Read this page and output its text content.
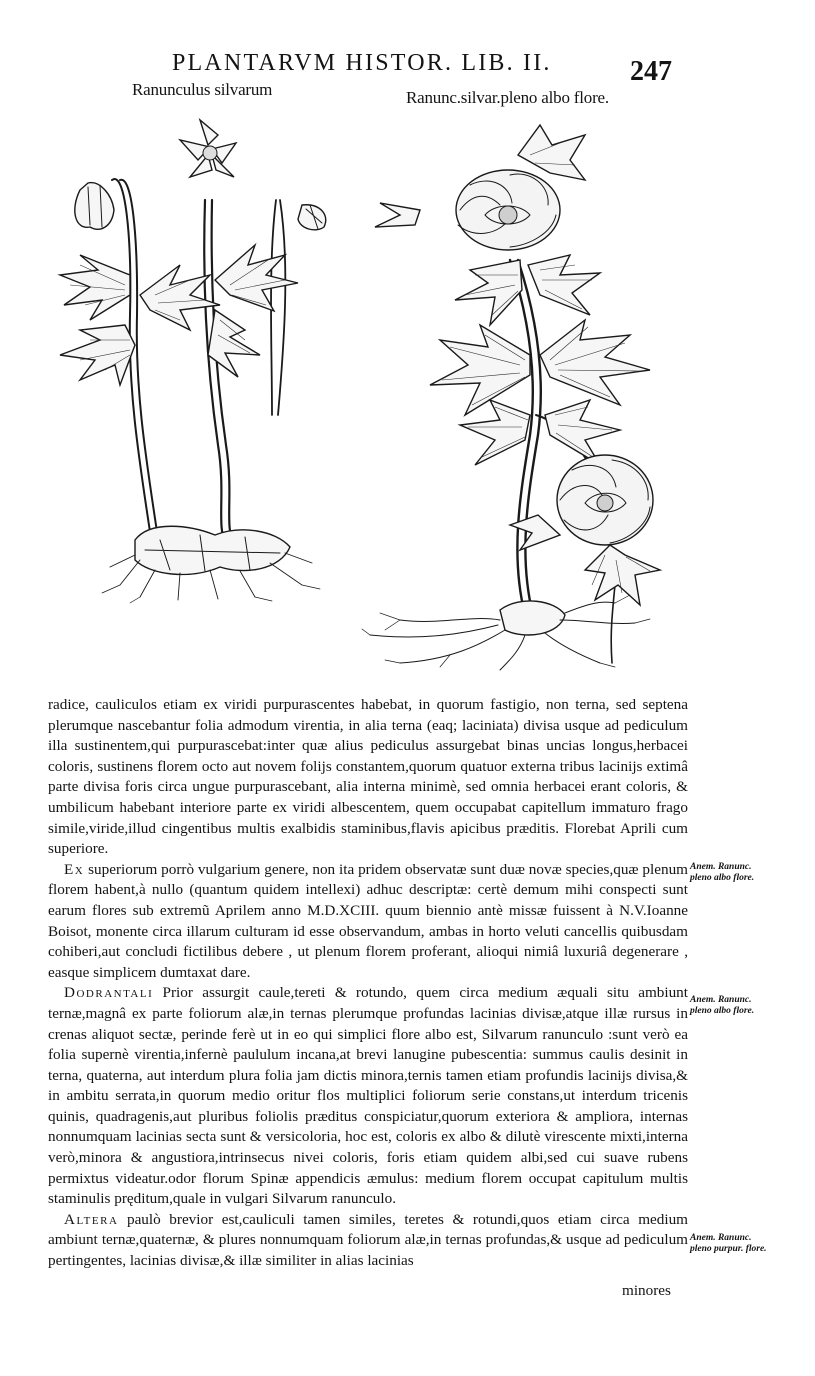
PLANTARVM HISTOR. LIB. II.	247
Ranunculus silvarum	Ranunc.silvar.pleno albo flore.

radice, cauliculos etiam ex viridi purpurascentes habebat, in quorum fastigio, non terna, sed septena plerumque nascebantur folia admodum virentia, in alia terna (eaq; laciniata) divisa usque ad pediculum illa sustinentem,qui purpurascebat:inter quæ alius pediculus assurgebat binas uncias longus,herbacei coloris, sustinens florem octo aut novem folijs constantem,quorum quatuor externa tribus lacinijs extimâ parte divisa foris circa ungue purpurascebant, alia interna minimè, sed omnia herbacei erant coloris, & umbilicum habebant interiore parte ex viridi albescentem, quem occupabat capitellum immaturo frago simile,viride,illud cingentibus multis exalbidis staminibus,flavis apicibus præditis. Florebat Aprili cum superiore.

Ex superiorum porrò vulgarium genere, non ita pridem observatæ sunt duæ novæ species,quæ plenum florem habent,à nullo (quantum quidem intellexi) adhuc descriptæ: certè demum mihi conspecti sunt earum flores sub extremũ Aprilem anno M.D.XCIII. quum biennio antè missæ fuissent à N.V.Ioanne Boisot, monente circa illarum culturam id esse observandum, ambas in horto veluti cancellis quibusdam cohiberi,aut concludi fictilibus debere , ut plenum florem proferant, alioqui nimiâ luxuriâ degenerare , easque simplicem dumtaxat dare.

Dodrantali Prior assurgit caule,tereti & rotundo, quem circa medium æquali situ ambiunt ternæ,magnâ ex parte foliorum alæ,in ternas plerumque profundas lacinias divisæ,atque illæ rursus in crenas aliquot sectæ, perinde ferè ut in eo qui simplici flore albo est, Silvarum ranunculo :sunt verò ea folia supernè virentia,infernè paululum incana,at brevi lanugine pubescentia: summus caulis desinit in terna, quaterna, aut interdum plura folia jam dictis minora,ternis tamen etiam profundis lacinijs divisa,& in ambitu serrata,in quorum medio oritur flos multiplici foliorum serie constans,ut interdum tricenis quinis, quadragenis,aut pluribus foliolis præditus conspiciatur,quorum exteriora & ampliora, internas nonnumquam lacinias secta sunt & versicoloria, hoc est, coloris ex albo & dilutè virescente mixti,interna verò,minora & angustiora,intrinsecus nivei coloris, foris etiam quidem albi,sed cui suave rubens permixtus videatur.odor florum Spinæ appendicis æmulus: medium florem occupat capitulum multis staminulis pręditum,quale in vulgari Silvarum ranunculo.

Altera paulò brevior est,cauliculi tamen similes, teretes & rotundi,quos etiam circa medium ambiunt ternæ,quaternæ, & plures nonnumquam foliorum alæ,in ternas profundas,& usque ad pediculum pertingentes, lacinias divisæ,& illæ similiter in alias lacinias

minores
Anem. Ranunc. pleno albo flore.
Anem. Ranunc. pleno albo flore.
Anem. Ranunc. pleno purpur. flore.
